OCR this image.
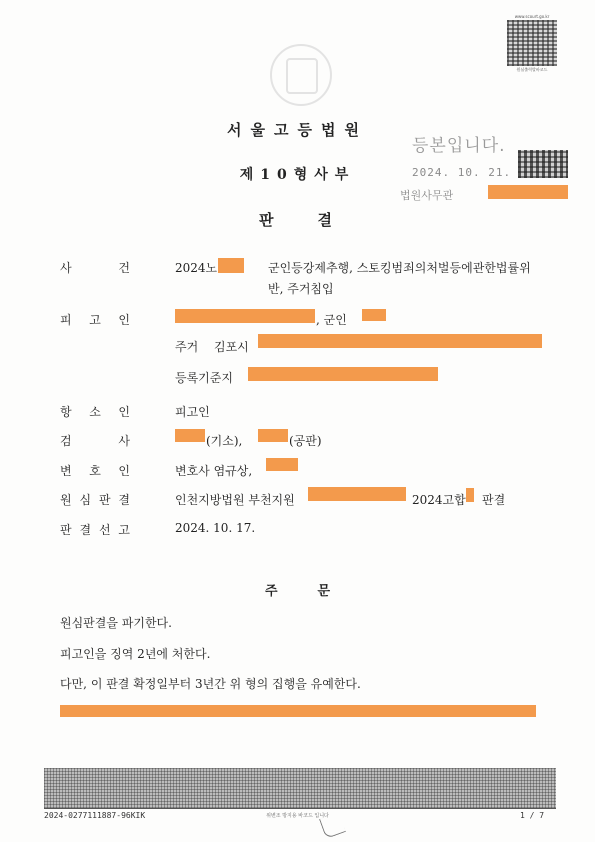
www.scourt.go.kr
원심출력발바코드
서울고등법원
제10형사부
판결
등본입니다.
2024. 10. 21.
법원사무관
사	건	2024노	군인등강제추행, 스토킹범죄의처벌등에관한법률위
반, 주거침입
피 고 인	, 군인
주거 김포시
등록기준지
항 소 인	피고인
검	사	(기소),	(공판)
변 호 인	변호사 염규상,
원 심 판 결	인천지방법원 부천지원	2024고합 판결
판 결 선 고	2024. 10. 17.
주문
원심판결을 파기한다.
피고인을 징역 2년에 처한다.
다만, 이 판결 확정일부터 3년간 위 형의 집행을 유예한다.
2024-0277111887-96KIK	위변조 방지용 바코드 입니다	1 / 7
